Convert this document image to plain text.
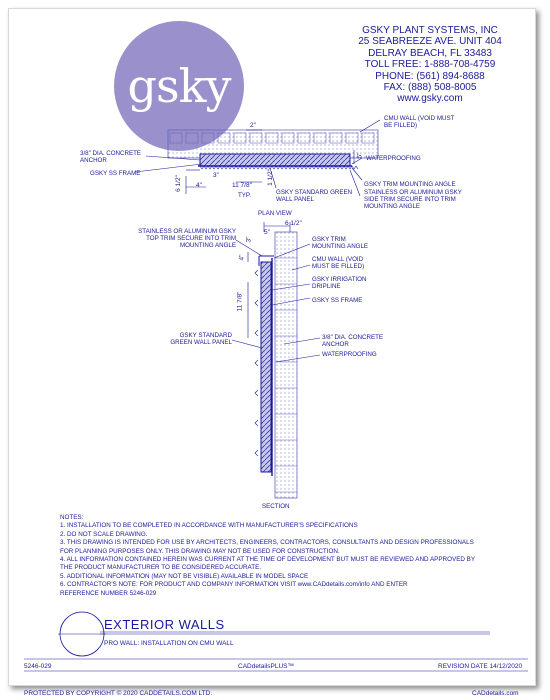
gsky
GSKY PLANT SYSTEMS, INC
25 SEABREEZE AVE. UNIT 404
DELRAY BEACH, FL 33483
TOLL FREE: 1-888-708-4759
PHONE: (561) 894-8688
FAX: (888) 508-8005
www.gsky.com
CMU WALL (VOID MUST BE FILLED)
3/8" DIA. CONCRETE ANCHOR
GSKY SS FRAME
WATERPROOFING
GSKY TRIM MOUNTING ANGLE
STAINLESS OR ALUMINUM GSKY SIDE TRIM SECURE INTO TRIM MOUNTING ANGLE
GSKY STANDARD GREEN WALL PANEL
TYP.
PLAN VIEW
2"
3"
4"
5"
6 1/2"	11 7/8" 1 1/2"
STAINLESS OR ALUMINUM GSKY TOP TRIM SECURE INTO TRIM MOUNTING ANGLE
GSKY TRIM MOUNTING ANGLE
CMU WALL (VOID MUST BE FILLED)
GSKY IRRIGATION DRIPLINE
GSKY SS FRAME
GSKY STANDARD GREEN WALL PANEL
3/8" DIA. CONCRETE ANCHOR
WATERPROOFING
SECTION
5"
6 1/2"
3"
4"
11 7/8"
NOTES:
1. INSTALLATION TO BE COMPLETED IN ACCORDANCE WITH MANUFACTURER'S SPECIFICATIONS
2. DO NOT SCALE DRAWING.
3. THIS DRAWING IS INTENDED FOR USE BY ARCHITECTS, ENGINEERS, CONTRACTORS, CONSULTANTS AND DESIGN PROFESSIONALS
FOR PLANNING PURPOSES ONLY. THIS DRAWING MAY NOT BE USED FOR CONSTRUCTION.
4. ALL INFORMATION CONTAINED HEREIN WAS CURRENT AT THE TIME OF DEVELOPMENT BUT MUST BE REVIEWED AND APPROVED BY
THE PRODUCT MANUFACTURER TO BE CONSIDERED ACCURATE.
5. ADDITIONAL INFORMATION (MAY NOT BE VISIBLE) AVAILABLE IN MODEL SPACE
6. CONTRACTOR'S NOTE: FOR PRODUCT AND COMPANY INFORMATION VISIT www.CADdetails.com/info AND ENTER
REFERENCE NUMBER 5246-029
EXTERIOR WALLS
PRO WALL: INSTALLATION ON CMU WALL
5246-029	CADdetailsPLUS™	REVISION DATE 14/12/2020
PROTECTED BY COPYRIGHT © 2020 CADDETAILS.COM LTD.	CADdetails.com
